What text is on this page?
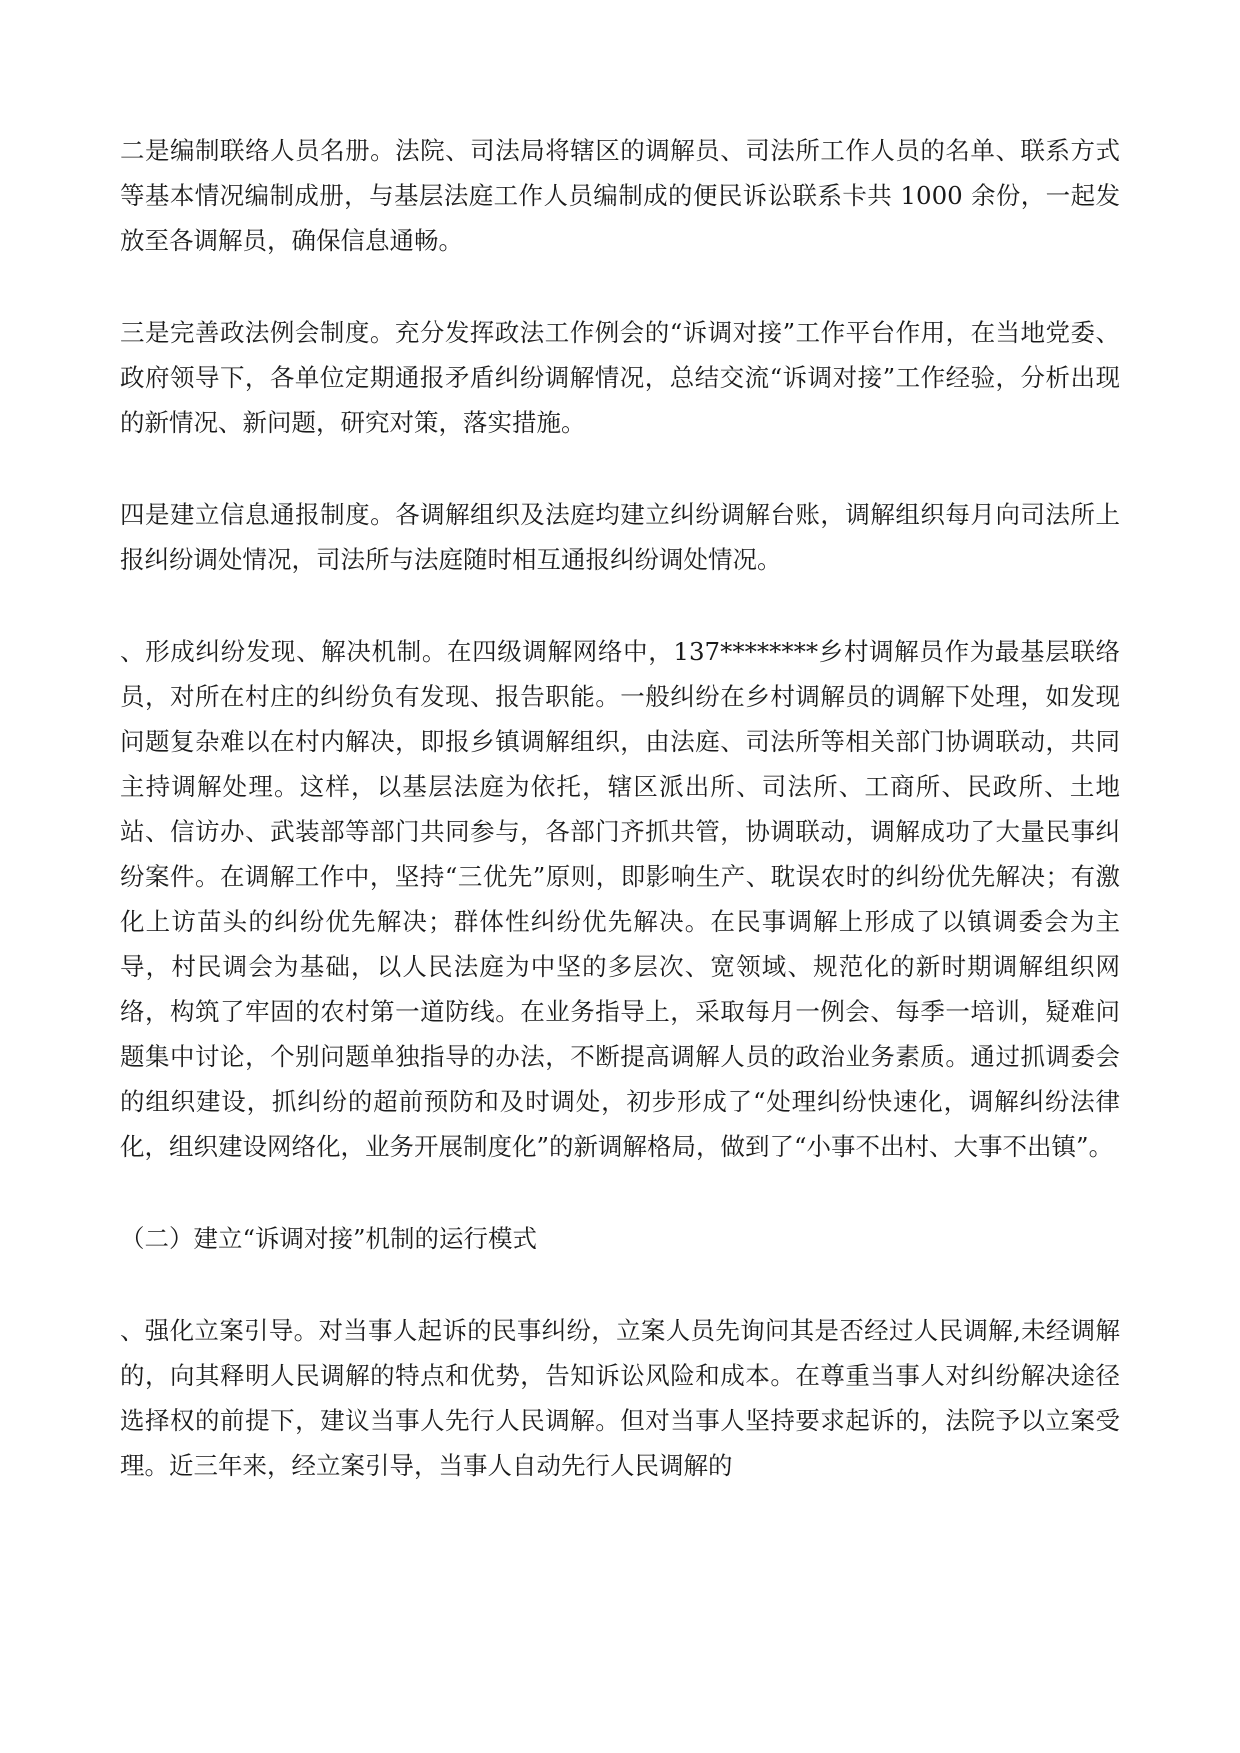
二是编制联络人员名册。法院、司法局将辖区的调解员、司法所工作人员的名单、联系方式等基本情况编制成册，与基层法庭工作人员编制成的便民诉讼联系卡共 1000 余份，一起发放至各调解员，确保信息通畅。

三是完善政法例会制度。充分发挥政法工作例会的“诉调对接”工作平台作用，在当地党委、政府领导下，各单位定期通报矛盾纠纷调解情况，总结交流“诉调对接”工作经验，分析出现的新情况、新问题，研究对策，落实措施。

四是建立信息通报制度。各调解组织及法庭均建立纠纷调解台账，调解组织每月向司法所上报纠纷调处情况，司法所与法庭随时相互通报纠纷调处情况。

、形成纠纷发现、解决机制。在四级调解网络中，137********乡村调解员作为最基层联络员，对所在村庄的纠纷负有发现、报告职能。一般纠纷在乡村调解员的调解下处理，如发现问题复杂难以在村内解决，即报乡镇调解组织，由法庭、司法所等相关部门协调联动，共同主持调解处理。这样，以基层法庭为依托，辖区派出所、司法所、工商所、民政所、土地站、信访办、武装部等部门共同参与，各部门齐抓共管，协调联动，调解成功了大量民事纠纷案件。在调解工作中，坚持“三优先”原则，即影响生产、耽误农时的纠纷优先解决；有激化上访苗头的纠纷优先解决；群体性纠纷优先解决。在民事调解上形成了以镇调委会为主导，村民调会为基础，以人民法庭为中坚的多层次、宽领域、规范化的新时期调解组织网络，构筑了牢固的农村第一道防线。在业务指导上，采取每月一例会、每季一培训，疑难问题集中讨论，个别问题单独指导的办法，不断提高调解人员的政治业务素质。通过抓调委会的组织建设，抓纠纷的超前预防和及时调处，初步形成了“处理纠纷快速化，调解纠纷法律化，组织建设网络化，业务开展制度化”的新调解格局，做到了“小事不出村、大事不出镇”。

（二）建立“诉调对接”机制的运行模式

、强化立案引导。对当事人起诉的民事纠纷，立案人员先询问其是否经过人民调解,未经调解的，向其释明人民调解的特点和优势，告知诉讼风险和成本。在尊重当事人对纠纷解决途径选择权的前提下，建议当事人先行人民调解。但对当事人坚持要求起诉的，法院予以立案受理。近三年来，经立案引导，当事人自动先行人民调解的
